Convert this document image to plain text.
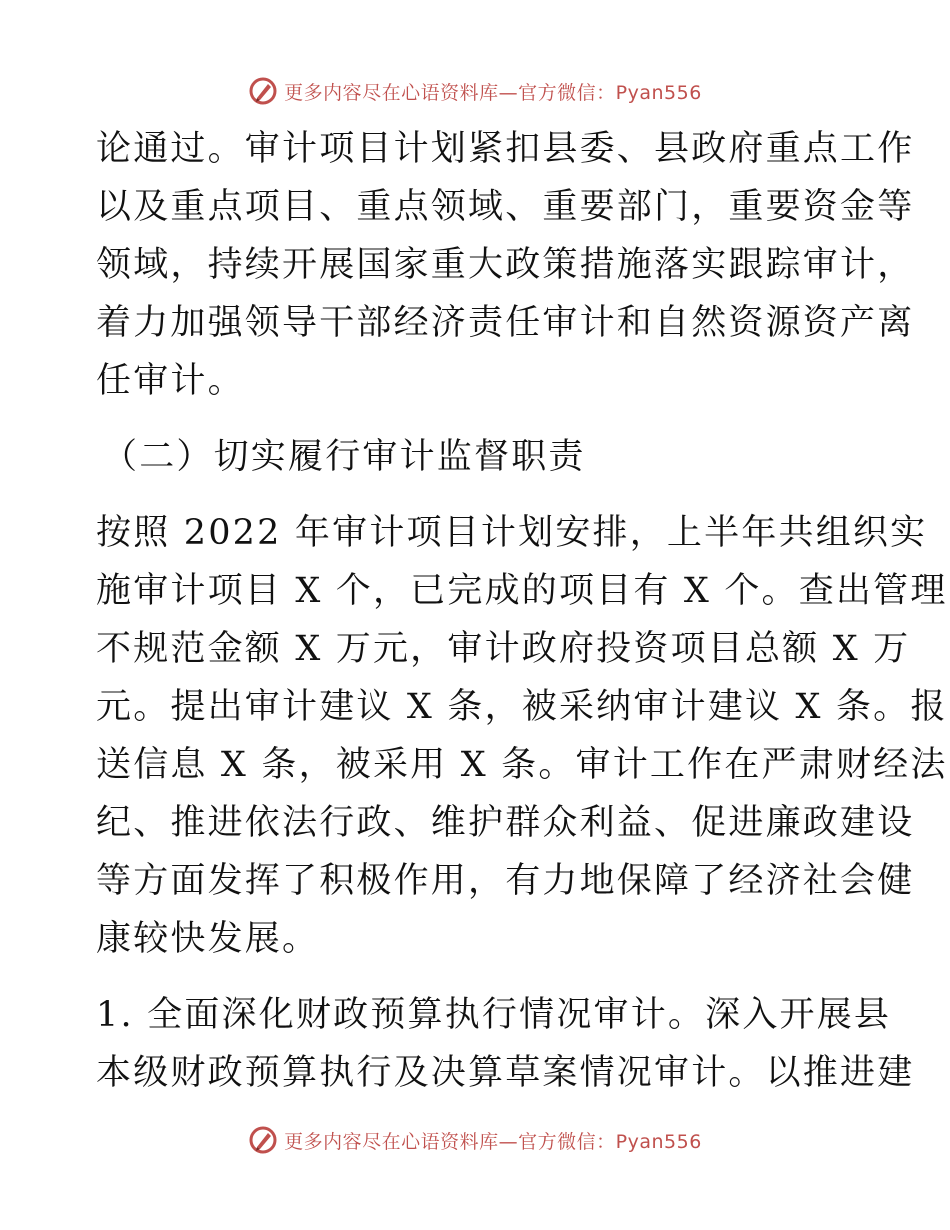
更多内容尽在心语资料库—官方微信：Pyan556
论通过。审计项目计划紧扣县委、县政府重点工作
以及重点项目、重点领域、重要部门，重要资金等
领域，持续开展国家重大政策措施落实跟踪审计，
着力加强领导干部经济责任审计和自然资源资产离
任审计。
（二）切实履行审计监督职责
按照 2022 年审计项目计划安排，上半年共组织实
施审计项目 X 个，已完成的项目有 X 个。查出管理
不规范金额 X 万元，审计政府投资项目总额 X 万
元。提出审计建议 X 条，被采纳审计建议 X 条。报
送信息 X 条，被采用 X 条。审计工作在严肃财经法
纪、推进依法行政、维护群众利益、促进廉政建设
等方面发挥了积极作用，有力地保障了经济社会健
康较快发展。
1. 全面深化财政预算执行情况审计。深入开展县
本级财政预算执行及决算草案情况审计。以推进建
更多内容尽在心语资料库—官方微信：Pyan556
